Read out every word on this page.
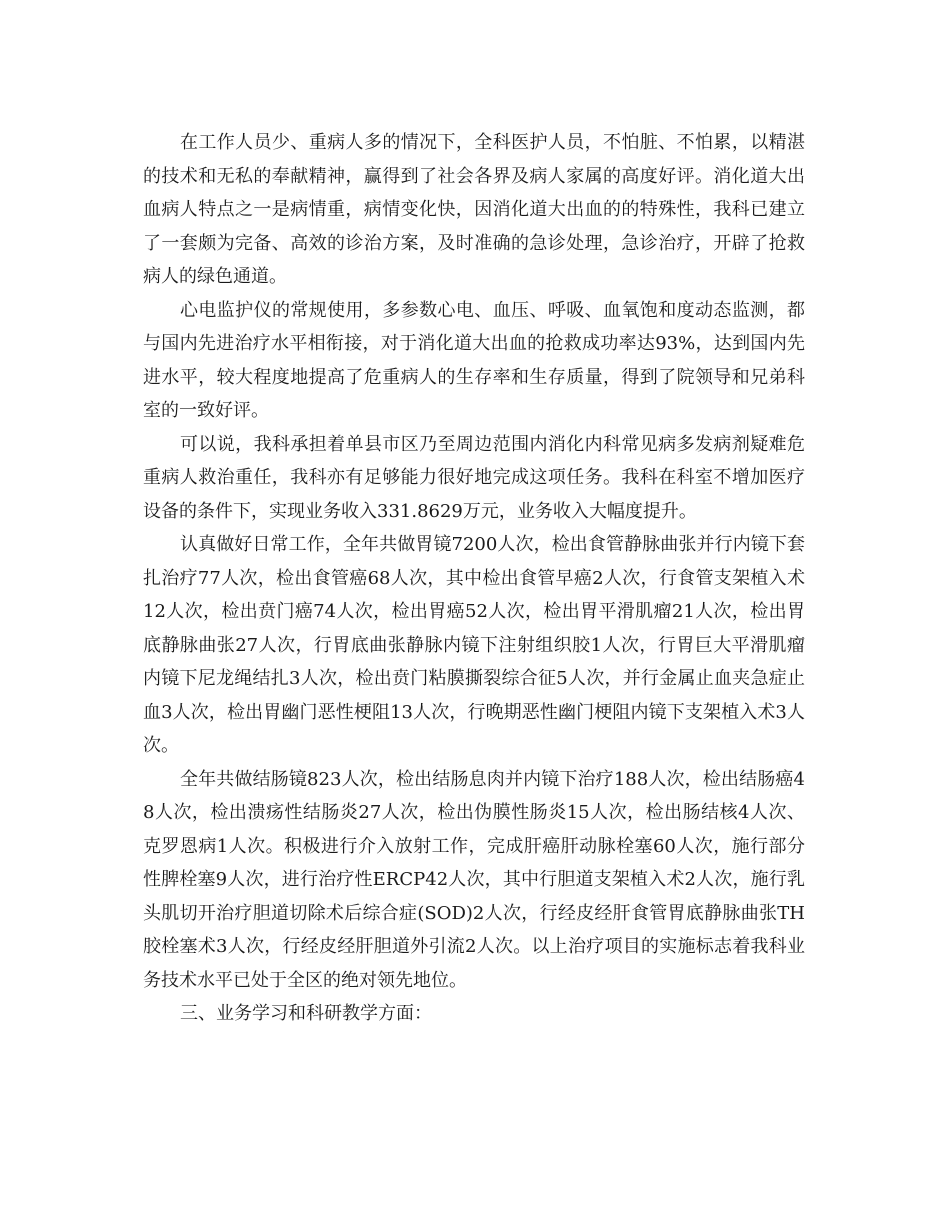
在工作人员少、重病人多的情况下，全科医护人员，不怕脏、不怕累，以精湛的技术和无私的奉献精神，赢得到了社会各界及病人家属的高度好评。消化道大出血病人特点之一是病情重，病情变化快，因消化道大出血的的特殊性，我科已建立了一套颇为完备、高效的诊治方案，及时准确的急诊处理，急诊治疗，开辟了抢救病人的绿色通道。

心电监护仪的常规使用，多参数心电、血压、呼吸、血氧饱和度动态监测，都与国内先进治疗水平相衔接，对于消化道大出血的抢救成功率达93%，达到国内先进水平，较大程度地提高了危重病人的生存率和生存质量，得到了院领导和兄弟科室的一致好评。

可以说，我科承担着单县市区乃至周边范围内消化内科常见病多发病剂疑难危重病人救治重任，我科亦有足够能力很好地完成这项任务。我科在科室不增加医疗设备的条件下，实现业务收入331.8629万元，业务收入大幅度提升。

认真做好日常工作，全年共做胃镜7200人次，检出食管静脉曲张并行内镜下套扎治疗77人次，检出食管癌68人次，其中检出食管早癌2人次，行食管支架植入术12人次，检出贲门癌74人次，检出胃癌52人次，检出胃平滑肌瘤21人次，检出胃底静脉曲张27人次，行胃底曲张静脉内镜下注射组织胶1人次，行胃巨大平滑肌瘤内镜下尼龙绳结扎3人次，检出贲门粘膜撕裂综合征5人次，并行金属止血夹急症止血3人次，检出胃幽门恶性梗阻13人次，行晚期恶性幽门梗阻内镜下支架植入术3人次。

全年共做结肠镜823人次，检出结肠息肉并内镜下治疗188人次，检出结肠癌48人次，检出溃疡性结肠炎27人次，检出伪膜性肠炎15人次，检出肠结核4人次、克罗恩病1人次。积极进行介入放射工作，完成肝癌肝动脉栓塞60人次，施行部分性脾栓塞9人次，进行治疗性ERCP42人次，其中行胆道支架植入术2人次，施行乳头肌切开治疗胆道切除术后综合症(SOD)2人次，行经皮经肝食管胃底静脉曲张TH胶栓塞术3人次，行经皮经肝胆道外引流2人次。以上治疗项目的实施标志着我科业务技术水平已处于全区的绝对领先地位。

三、业务学习和科研教学方面：
